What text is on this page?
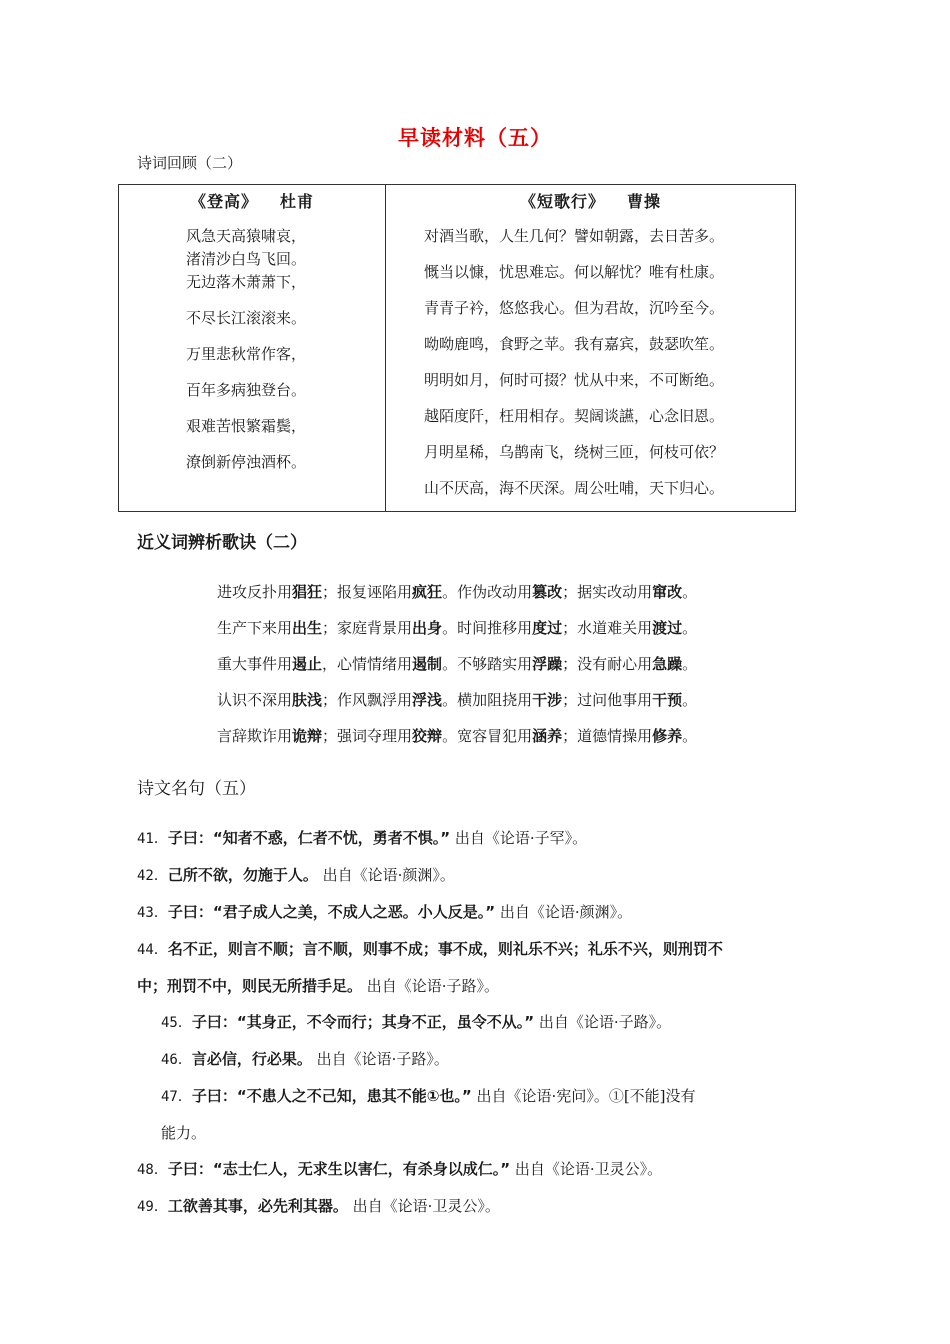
早读材料（五）
诗词回顾（二）
《登高》 杜甫
风急天高猿啸哀，
渚清沙白鸟飞回。
无边落木萧萧下，
不尽长江滚滚来。
万里悲秋常作客，
百年多病独登台。
艰难苦恨繁霜鬓，
潦倒新停浊酒杯。
《短歌行》 曹操
对酒当歌，人生几何？譬如朝露，去日苦多。
慨当以慷，忧思难忘。何以解忧？唯有杜康。
青青子衿，悠悠我心。但为君故，沉吟至今。
呦呦鹿鸣，食野之苹。我有嘉宾，鼓瑟吹笙。
明明如月，何时可掇？忧从中来，不可断绝。
越陌度阡，枉用相存。契阔谈讌，心念旧恩。
月明星稀，乌鹊南飞，绕树三匝，何枝可依？
山不厌高，海不厌深。周公吐哺，天下归心。
近义词辨析歌诀（二）
进攻反扑用猖狂；报复诬陷用疯狂。作伪改动用篡改；据实改动用窜改。
生产下来用出生；家庭背景用出身。时间推移用度过；水道难关用渡过。
重大事件用遏止，心情情绪用遏制。不够踏实用浮躁；没有耐心用急躁。
认识不深用肤浅；作风飘浮用浮浅。横加阻挠用干涉；过问他事用干预。
言辞欺诈用诡辩；强词夺理用狡辩。宽容冒犯用涵养；道德情操用修养。
诗文名句（五）
41．子曰：“知者不惑，仁者不忧，勇者不惧。” 出自《论语·子罕》。
42．己所不欲，勿施于人。 出自《论语·颜渊》。
43．子曰：“君子成人之美，不成人之恶。小人反是。” 出自《论语·颜渊》。
44．名不正，则言不顺；言不顺，则事不成；事不成，则礼乐不兴；礼乐不兴，则刑罚不
中；刑罚不中，则民无所措手足。 出自《论语·子路》。
45．子曰：“其身正，不令而行；其身不正，虽令不从。” 出自《论语·子路》。
46．言必信，行必果。 出自《论语·子路》。
47．子曰：“不患人之不己知，患其不能①也。” 出自《论语·宪问》。①[不能]没有
能力。
48．子曰：“志士仁人，无求生以害仁，有杀身以成仁。” 出自《论语·卫灵公》。
49．工欲善其事，必先利其器。 出自《论语·卫灵公》。
